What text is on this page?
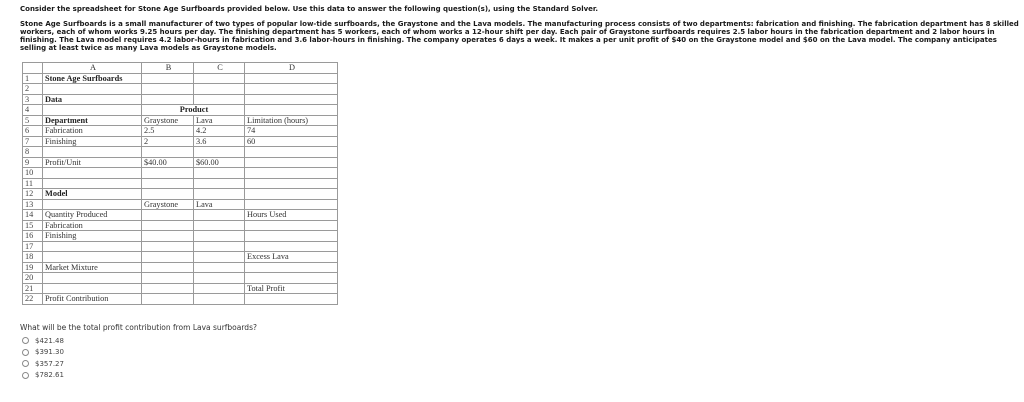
Consider the spreadsheet for Stone Age Surfboards provided below. Use this data to answer the following question(s), using the Standard Solver.

Stone Age Surfboards is a small manufacturer of two types of popular low-tide surfboards, the Graystone and the Lava models. The manufacturing process consists of two departments: fabrication and finishing. The fabrication department has 8 skilled workers, each of whom works 9.25 hours per day. The finishing department has 5 workers, each of whom works a 12-hour shift per day. Each pair of Graystone surfboards requires 2.5 labor hours in the fabrication department and 2 labor hours in finishing. The Lava model requires 4.2 labor-hours in fabrication and 3.6 labor-hours in finishing. The company operates 6 days a week. It makes a per unit profit of $40 on the Graystone model and $60 on the Lava model. The company anticipates selling at least twice as many Lava models as Graystone models.

	A	B	C	D
1	Stone Age Surfboards			
2				
3	Data			
4		Product		
5	Department	Graystone	Lava	Limitation (hours)
6	Fabrication	2.5	4.2	74
7	Finishing	2	3.6	60
8				
9	Profit/Unit	$40.00	$60.00	
10				
11				
12	Model			
13		Graystone	Lava	
14	Quantity Produced			Hours Used
15	Fabrication			
16	Finishing			
17				
18				Excess Lava
19	Market Mixture			
20				
21				Total Profit
22	Profit Contribution			
What will be the total profit contribution from Lava surfboards?
$421.48
$391.30
$357.27
$782.61
